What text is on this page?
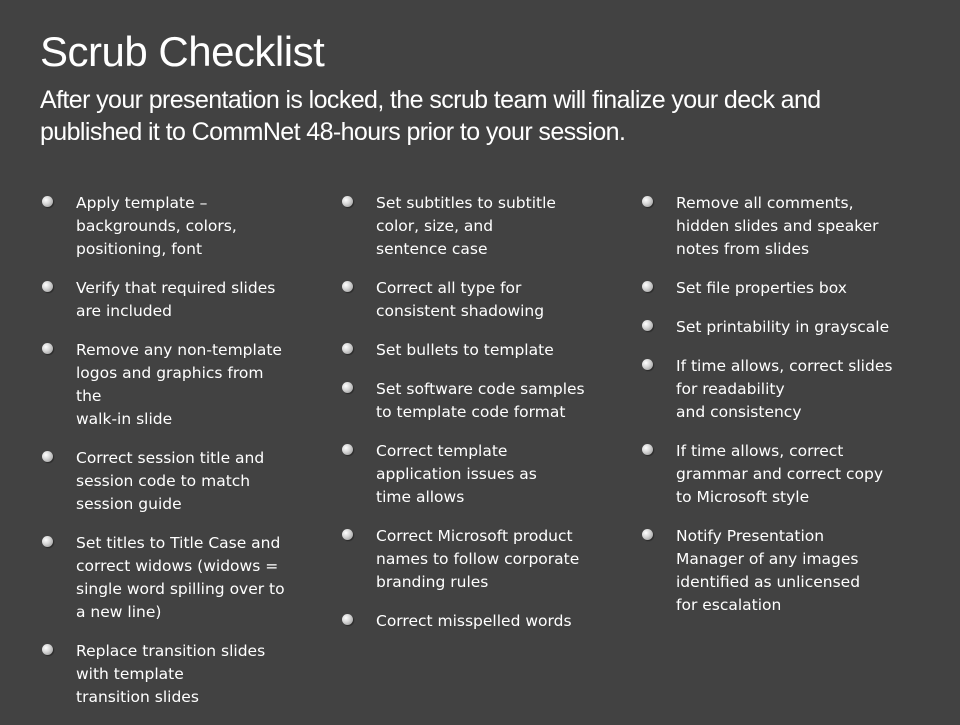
Scrub Checklist

After your presentation is locked, the scrub team will finalize your deck and published it to CommNet 48-hours prior to your session.

Apply template –
backgrounds, colors,
positioning, font
Verify that required slides
are included
Remove any non-template
logos and graphics from the
walk-in slide
Correct session title and
session code to match
session guide
Set titles to Title Case and
correct widows (widows =
single word spilling over to
a new line)
Replace transition slides
with template
transition slides
Set subtitles to subtitle
color, size, and
sentence case
Correct all type for
consistent shadowing
Set bullets to template
Set software code samples
to template code format
Correct template
application issues as
time allows
Correct Microsoft product
names to follow corporate
branding rules
Correct misspelled words
Remove all comments,
hidden slides and speaker
notes from slides
Set file properties box
Set printability in grayscale
If time allows, correct slides
for readability
and consistency
If time allows, correct
grammar and correct copy
to Microsoft style
Notify Presentation
Manager of any images
identified as unlicensed
for escalation
